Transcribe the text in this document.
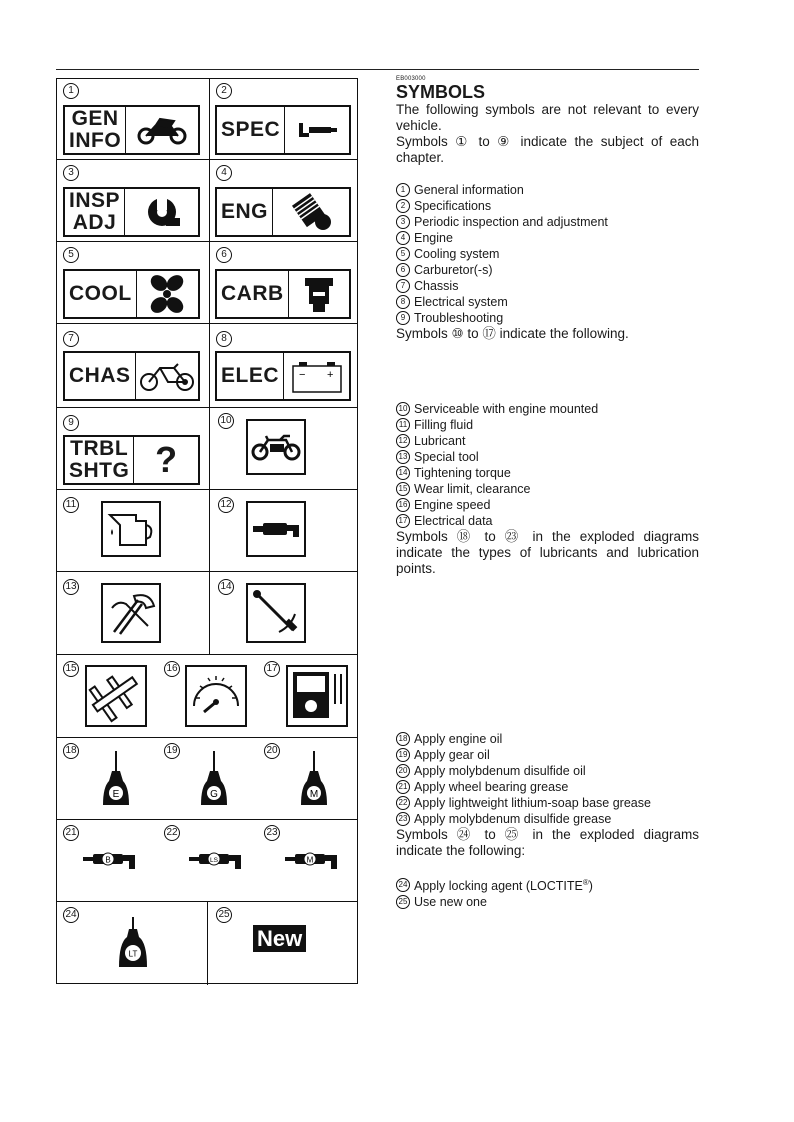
1
GEN
INFO
2
SPEC
3
INSP
ADJ
4
ENG
5
COOL
6
CARB
7
CHAS
8
ELEC	− +
9
TRBL
SHTG ?
10
11	12
13	14
15	16	17
18
E
19
G
20
M
21
B
22
LS
23
M
24
LT
25
New
EB003000
SYMBOLS
The following symbols are not relevant to every vehicle.
Symbols ① to ⑨ indicate the subject of each chapter.
1 General information
2 Specifications
3 Periodic inspection and adjustment
4 Engine
5 Cooling system
6 Carburetor(-s)
7 Chassis
8 Electrical system
9 Troubleshooting
Symbols ⑩ to ⑰ indicate the following.
10 Serviceable with engine mounted
11 Filling fluid
12 Lubricant
13 Special tool
14 Tightening torque
15 Wear limit, clearance
16 Engine speed
17 Electrical data
Symbols ⑱ to ㉓ in the exploded diagrams indicate the types of lubricants and lubrication points.
18 Apply engine oil
19 Apply gear oil
20 Apply molybdenum disulfide oil
21 Apply wheel bearing grease
22 Apply lightweight lithium-soap base grease
23 Apply molybdenum disulfide grease
Symbols ㉔ to ㉕ in the exploded diagrams indicate the following:
24 Apply locking agent (LOCTITE®)
25 Use new one
